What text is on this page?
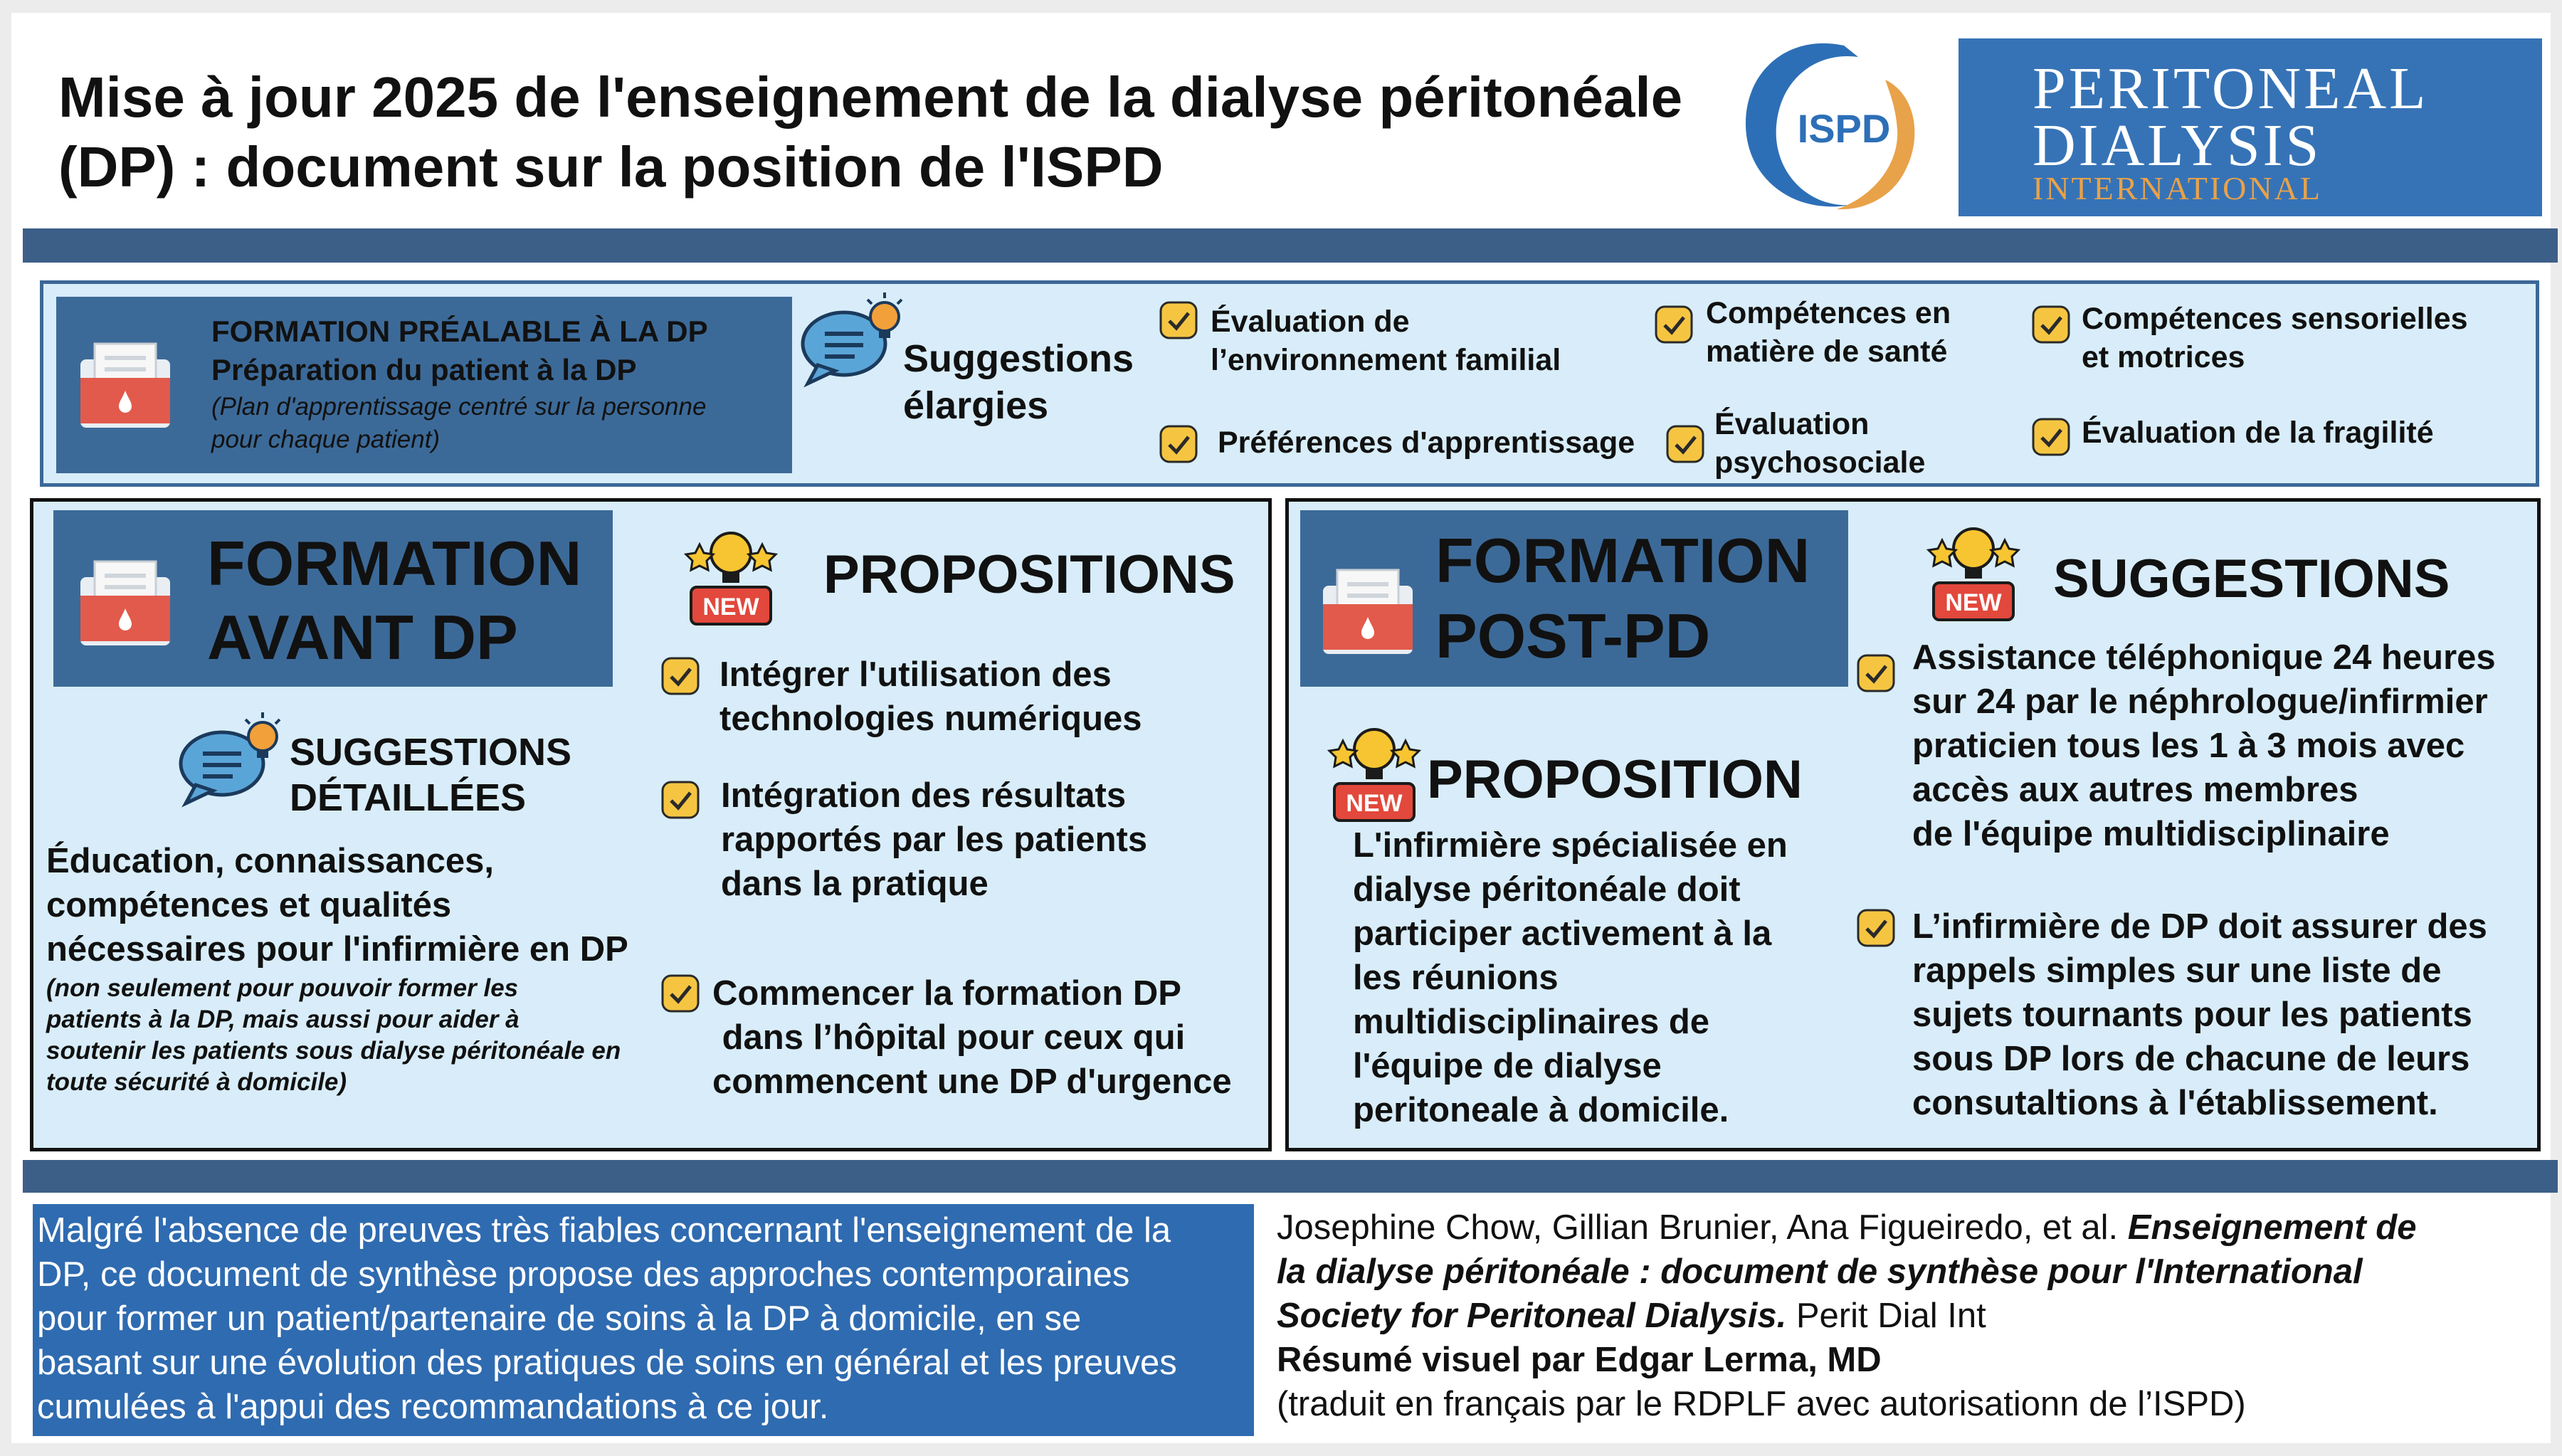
Mise à jour 2025 de l'enseignement de la dialyse péritonéale
(DP) : document sur la position de l'ISPD
ISPD
PERITONEAL
DIALYSIS
INTERNATIONAL
FORMATION PRÉALABLE À LA DP
Préparation du patient à la DP
(Plan d'apprentissage centré sur la personne
pour chaque patient)
Suggestions
élargies
Évaluation de
l’environnement familial
Compétences en
matière de santé
Compétences sensorielles
et motrices
Préférences d'apprentissage
Évaluation
psychosociale
Évaluation de la fragilité
FORMATION
AVANT DP
SUGGESTIONS
DÉTAILLÉES
Éducation, connaissances,
compétences et qualités
nécessaires pour l'infirmière en DP
(non seulement pour pouvoir former les
patients à la DP, mais aussi pour aider à
soutenir les patients sous dialyse péritonéale en
toute sécurité à domicile)
NEW
PROPOSITIONS
Intégrer l'utilisation des
technologies numériques
Intégration des résultats
rapportés par les patients
dans la pratique
Commencer la formation DP
dans l’hôpital pour ceux qui
commencent une DP d'urgence
FORMATION
POST-PD
NEW PROPOSITION
L'infirmière spécialisée en
dialyse péritonéale doit
participer activement à la
les réunions
multidisciplinaires de
l'équipe de dialyse
peritoneale à domicile.
NEW SUGGESTIONS
Assistance téléphonique 24 heures
sur 24 par le néphrologue/infirmier
praticien tous les 1 à 3 mois avec
accès aux autres membres
de l'équipe multidisciplinaire
L’infirmière de DP doit assurer des
rappels simples sur une liste de
sujets tournants pour les patients
sous DP lors de chacune de leurs
consutaltions à l'établissement.
Malgré l'absence de preuves très fiables concernant l'enseignement de la
DP, ce document de synthèse propose des approches contemporaines
pour former un patient/partenaire de soins à la DP à domicile, en se
basant sur une évolution des pratiques de soins en général et les preuves
cumulées à l'appui des recommandations à ce jour.
Josephine Chow, Gillian Brunier, Ana Figueiredo, et al. Enseignement de
la dialyse péritonéale : document de synthèse pour l'International
Society for Peritoneal Dialysis. Perit Dial Int
Résumé visuel par Edgar Lerma, MD
(traduit en français par le RDPLF avec autorisationn de l’ISPD)
